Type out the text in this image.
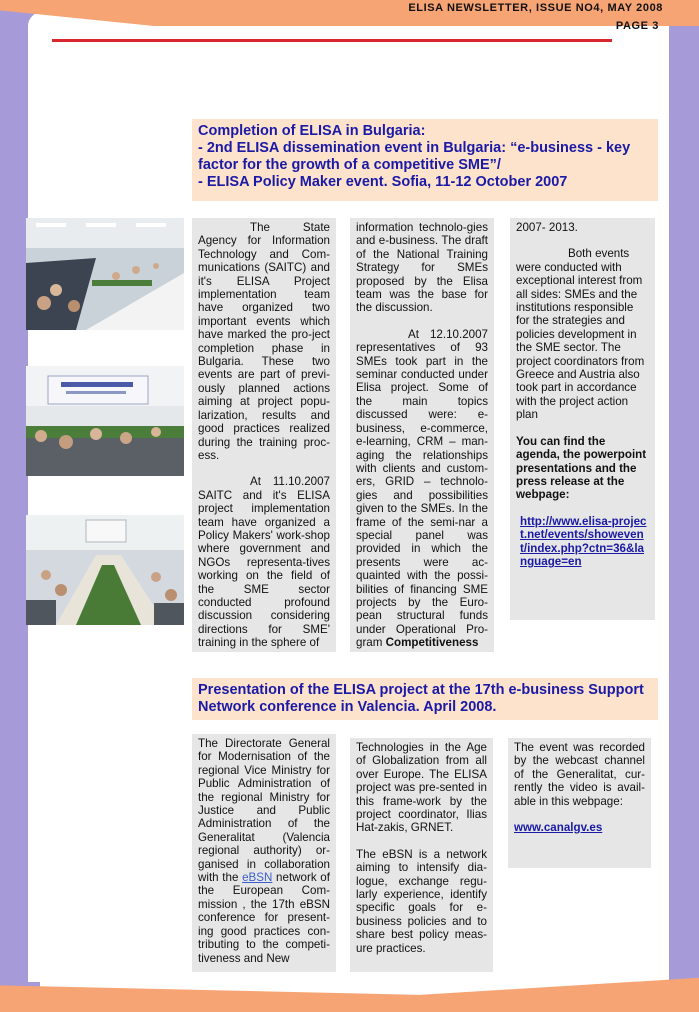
ELISA NEWSLETTER, ISSUE NO4, MAY 2008
PAGE 3
Completion of ELISA in Bulgaria:
- 2nd ELISA dissemination event in Bulgaria: “e-business - key
factor for the growth of a competitive SME”/
- ELISA Policy Maker event. Sofia, 11-12 October 2007

The State Agency for Information Technology and Com-munications (SAITC) and it's ELISA Project implementation team have organized two important events which have marked the pro-ject completion phase in Bulgaria. These two events are part of previ-ously planned actions aiming at project popu-larization, results and good practices realized during the training proc-ess.

At 11.10.2007 SAITC and it's ELISA project implementation team have organized a Policy Makers' work-shop where government and NGOs representa-tives working on the field of the SME sector conducted profound discussion considering directions for SME' training in the sphere of

information technolo-gies and e-business. The draft of the National Training Strategy for SMEs proposed by the Elisa team was the base for the discussion.

At 12.10.2007 representatives of 93 SMEs took part in the seminar conducted under Elisa project. Some of the main topics discussed were: e-business, e-commerce, e-learning, CRM – man-aging the relationships with clients and custom-ers, GRID – technolo-gies and possibilities given to the SMEs. In the frame of the semi-nar a special panel was provided in which the presents were ac-quainted with the possi-bilities of financing SME projects by the Euro-pean structural funds under Operational Pro-gram Competitiveness

2007- 2013.

Both events were conducted with exceptional interest from all sides: SMEs and the institutions responsible for the strategies and policies development in the SME sector. The project coordinators from Greece and Austria also took part in accordance with the project action plan

You can find the agenda, the powerpoint presentations and the press release at the webpage:

http://www.elisa-project.net/events/showevent/index.php?ctn=36&language=en

Presentation of the ELISA project at the 17th e-business Support
Network conference in Valencia. April 2008.

The Directorate General for Modernisation of the regional Vice Ministry for Public Administration of the regional Ministry for Justice and Public Administration of the Generalitat (Valencia regional authority) or-ganised in collaboration with the eBSN network of the European Com-mission , the 17th eBSN conference for present-ing good practices con-tributing to the competi-tiveness and New

Technologies in the Age of Globalization from all over Europe. The ELISA project was pre-sented in this frame-work by the project coordinator, Ilias Hat-zakis, GRNET.

The eBSN is a network aiming to intensify dia-logue, exchange regu-larly experience, identify specific goals for e-business policies and to share best policy meas-ure practices.

The event was recorded by the webcast channel of the Generalitat, cur-rently the video is avail-able in this webpage:

www.canalgv.es
